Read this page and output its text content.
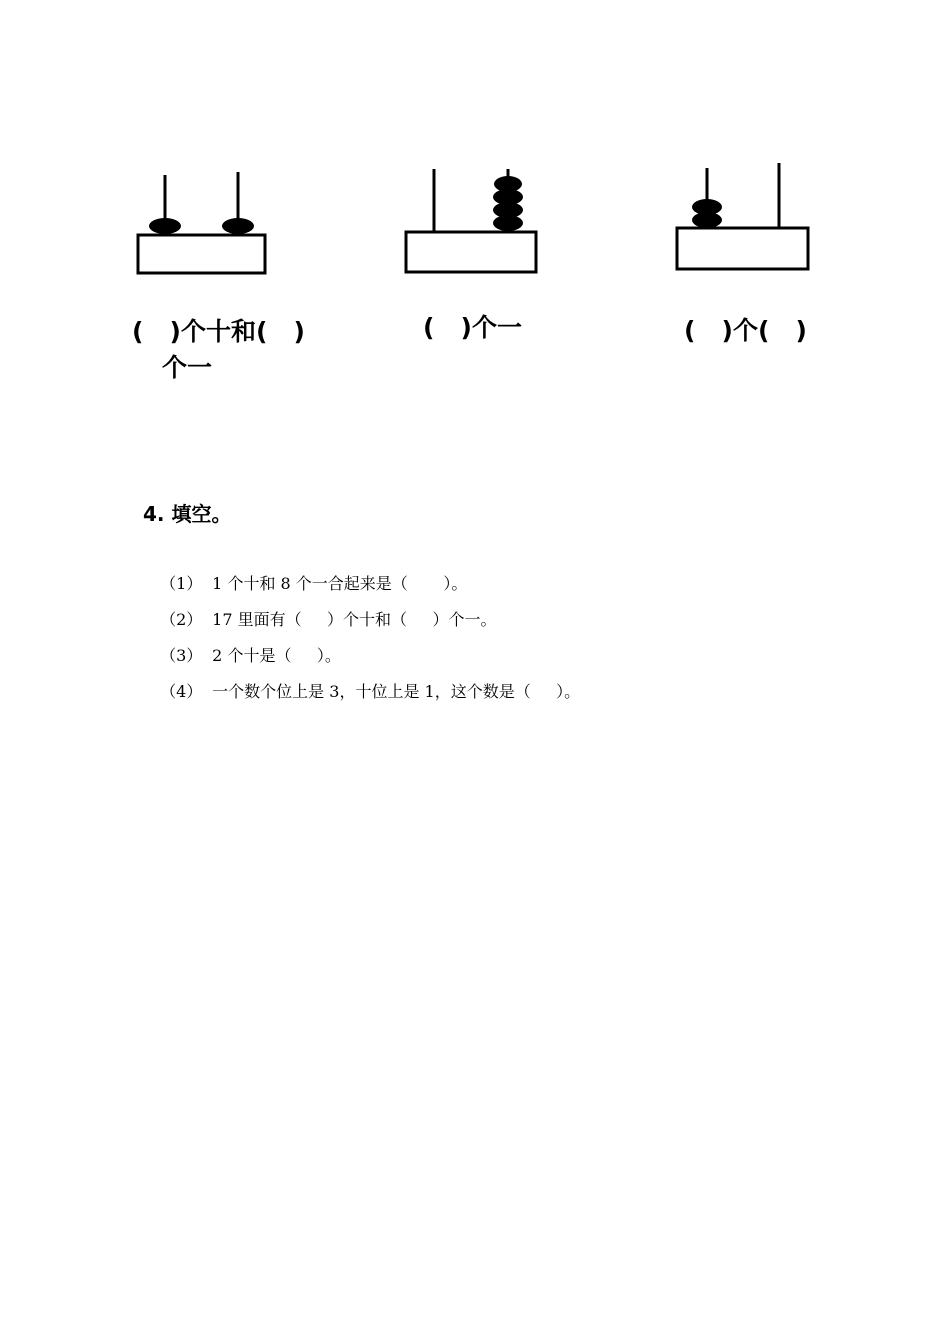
(   )个十和(   )
个一
(   )个一	(   )个(   )
4. 填空。

（1） 1 个十和 8 个一合起来是（       ）。

（2） 17 里面有（     ）个十和（     ）个一。

（3） 2 个十是（     ）。

（4） 一个数个位上是 3，十位上是 1，这个数是（     ）。
